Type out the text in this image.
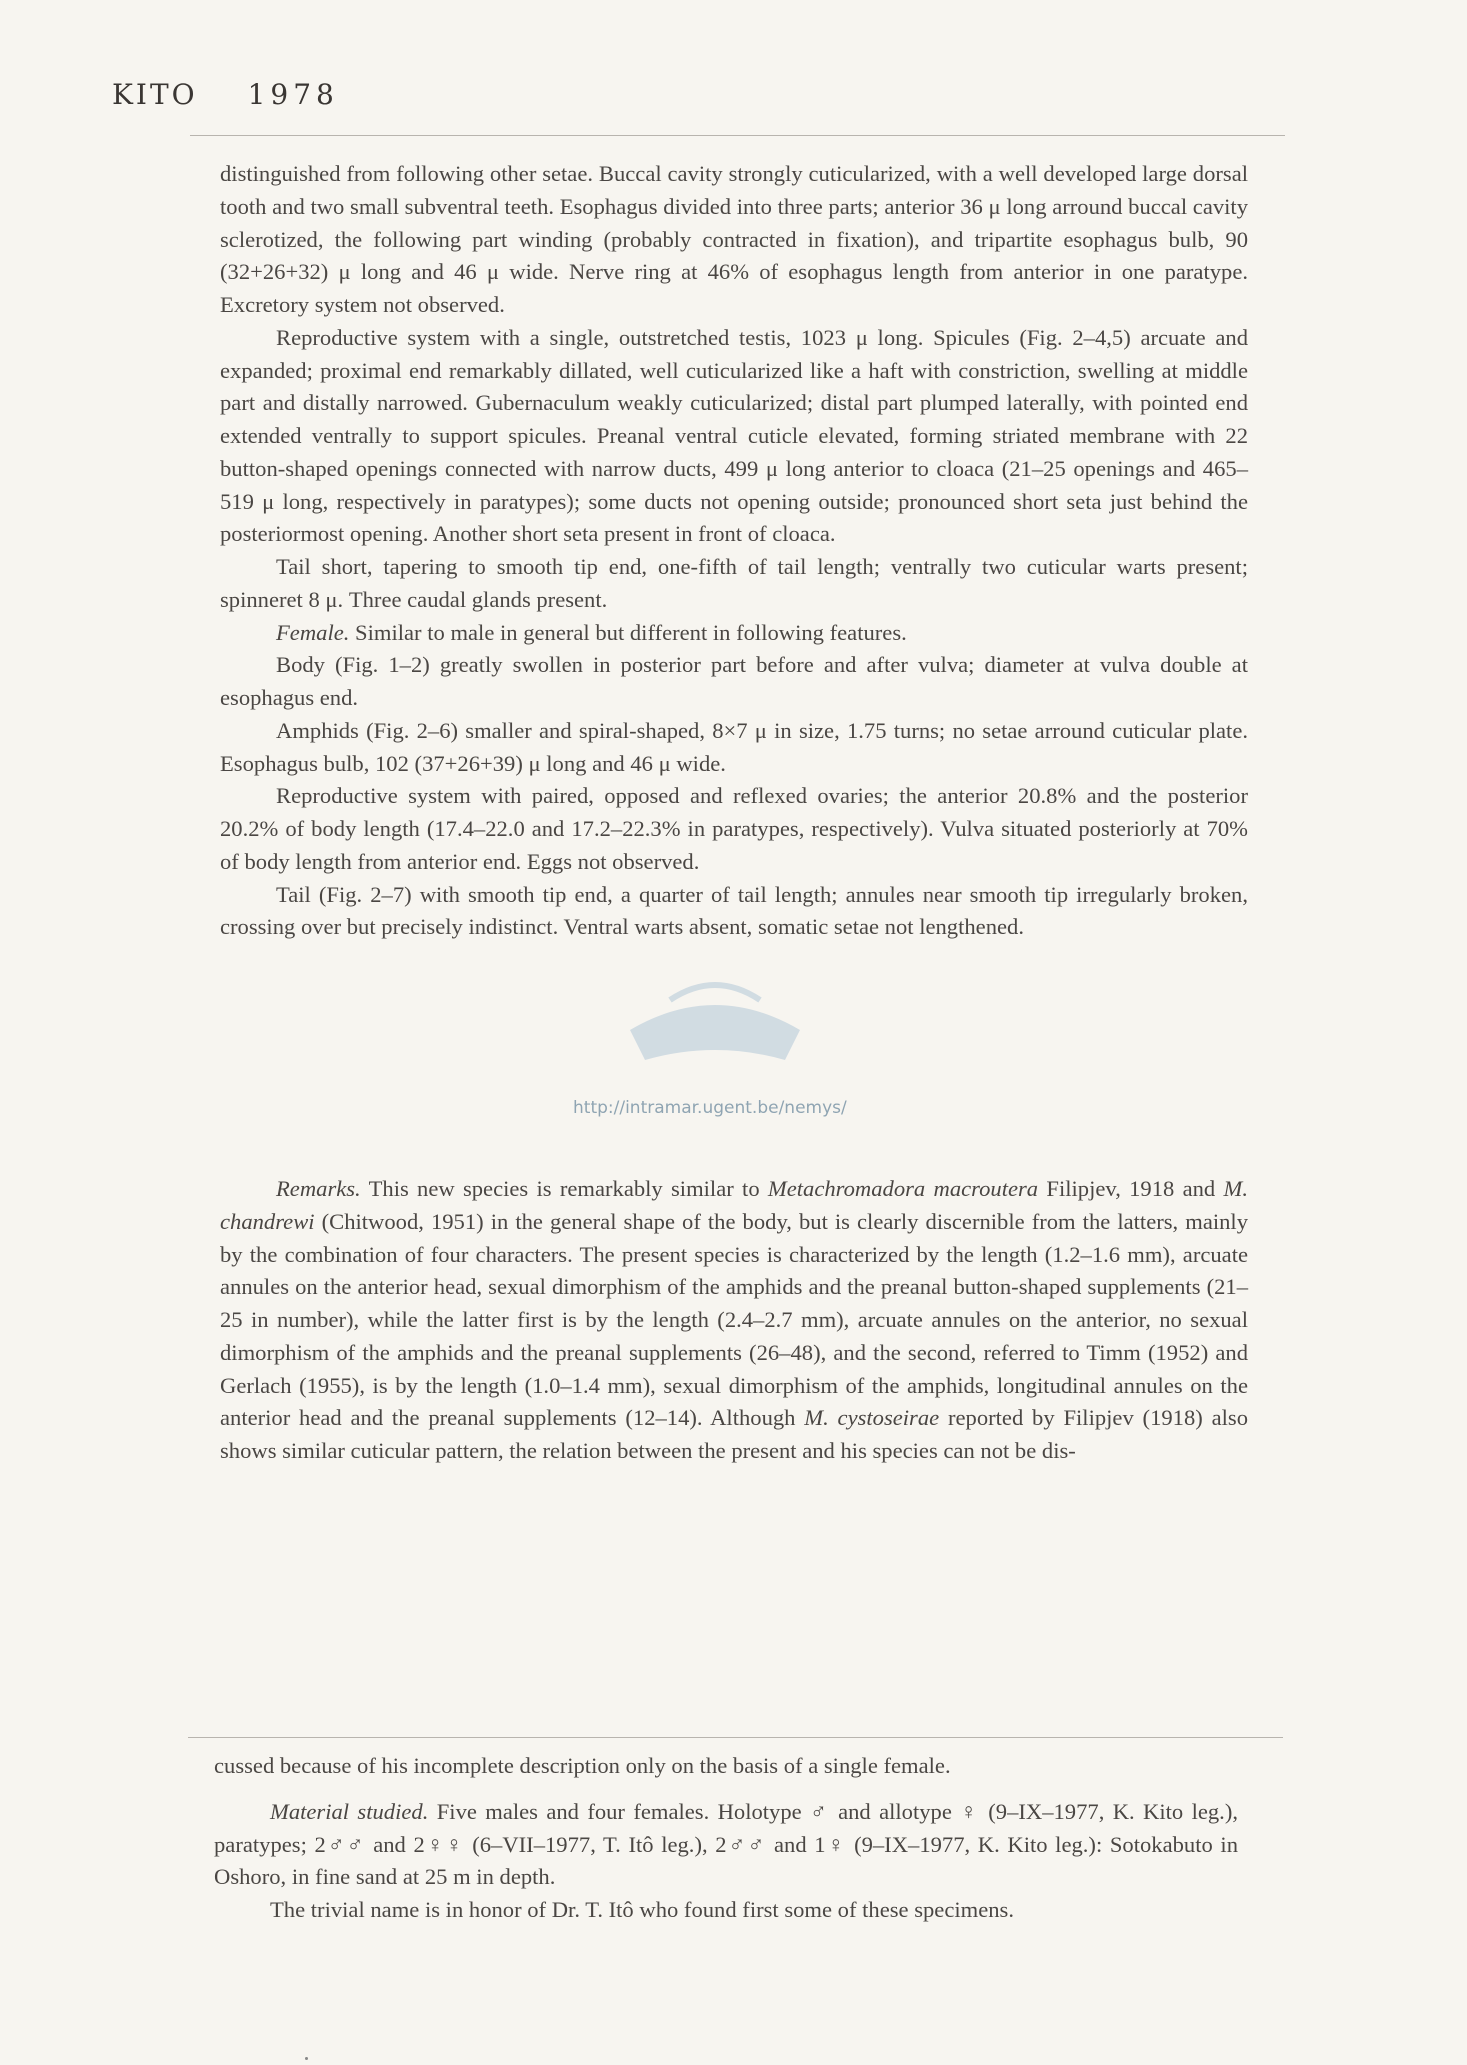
KITO 1978

distinguished from following other setae. Buccal cavity strongly cuticularized, with a well developed large dorsal tooth and two small subventral teeth. Esophagus divided into three parts; anterior 36 μ long arround buccal cavity sclerotized, the following part winding (probably contracted in fixation), and tripartite esophagus bulb, 90 (32+26+32) μ long and 46 μ wide. Nerve ring at 46% of esophagus length from anterior in one paratype. Excretory system not observed.

Reproductive system with a single, outstretched testis, 1023 μ long. Spicules (Fig. 2–4,5) arcuate and expanded; proximal end remarkably dillated, well cuticularized like a haft with constriction, swelling at middle part and distally narrowed. Gubernaculum weakly cuticularized; distal part plumped laterally, with pointed end extended ventrally to support spicules. Preanal ventral cuticle elevated, forming striated membrane with 22 button-shaped openings connected with narrow ducts, 499 μ long anterior to cloaca (21–25 openings and 465–519 μ long, respectively in paratypes); some ducts not opening outside; pronounced short seta just behind the posteriormost opening. Another short seta present in front of cloaca.

Tail short, tapering to smooth tip end, one-fifth of tail length; ventrally two cuticular warts present; spinneret 8 μ. Three caudal glands present.

Female. Similar to male in general but different in following features.

Body (Fig. 1–2) greatly swollen in posterior part before and after vulva; diameter at vulva double at esophagus end.

Amphids (Fig. 2–6) smaller and spiral-shaped, 8×7 μ in size, 1.75 turns; no setae arround cuticular plate. Esophagus bulb, 102 (37+26+39) μ long and 46 μ wide.

Reproductive system with paired, opposed and reflexed ovaries; the anterior 20.8% and the posterior 20.2% of body length (17.4–22.0 and 17.2–22.3% in paratypes, respectively). Vulva situated posteriorly at 70% of body length from anterior end. Eggs not observed.

Tail (Fig. 2–7) with smooth tip end, a quarter of tail length; annules near smooth tip irregularly broken, crossing over but precisely indistinct. Ventral warts absent, somatic setae not lengthened.

http://intramar.ugent.be/nemys/

Remarks. This new species is remarkably similar to Metachromadora macroutera Filipjev, 1918 and M. chandrewi (Chitwood, 1951) in the general shape of the body, but is clearly discernible from the latters, mainly by the combination of four characters. The present species is characterized by the length (1.2–1.6 mm), arcuate annules on the anterior head, sexual dimorphism of the amphids and the preanal button-shaped supplements (21–25 in number), while the latter first is by the length (2.4–2.7 mm), arcuate annules on the anterior, no sexual dimorphism of the amphids and the preanal supplements (26–48), and the second, referred to Timm (1952) and Gerlach (1955), is by the length (1.0–1.4 mm), sexual dimorphism of the amphids, longitudinal annules on the anterior head and the preanal supplements (12–14). Although M. cystoseirae reported by Filipjev (1918) also shows similar cuticular pattern, the relation between the present and his species can not be dis-

cussed because of his incomplete description only on the basis of a single female.

Material studied. Five males and four females. Holotype ♂ and allotype ♀ (9–IX–1977, K. Kito leg.), paratypes; 2♂♂ and 2♀♀ (6–VII–1977, T. Itô leg.), 2♂♂ and 1♀ (9–IX–1977, K. Kito leg.): Sotokabuto in Oshoro, in fine sand at 25 m in depth.

The trivial name is in honor of Dr. T. Itô who found first some of these specimens.
